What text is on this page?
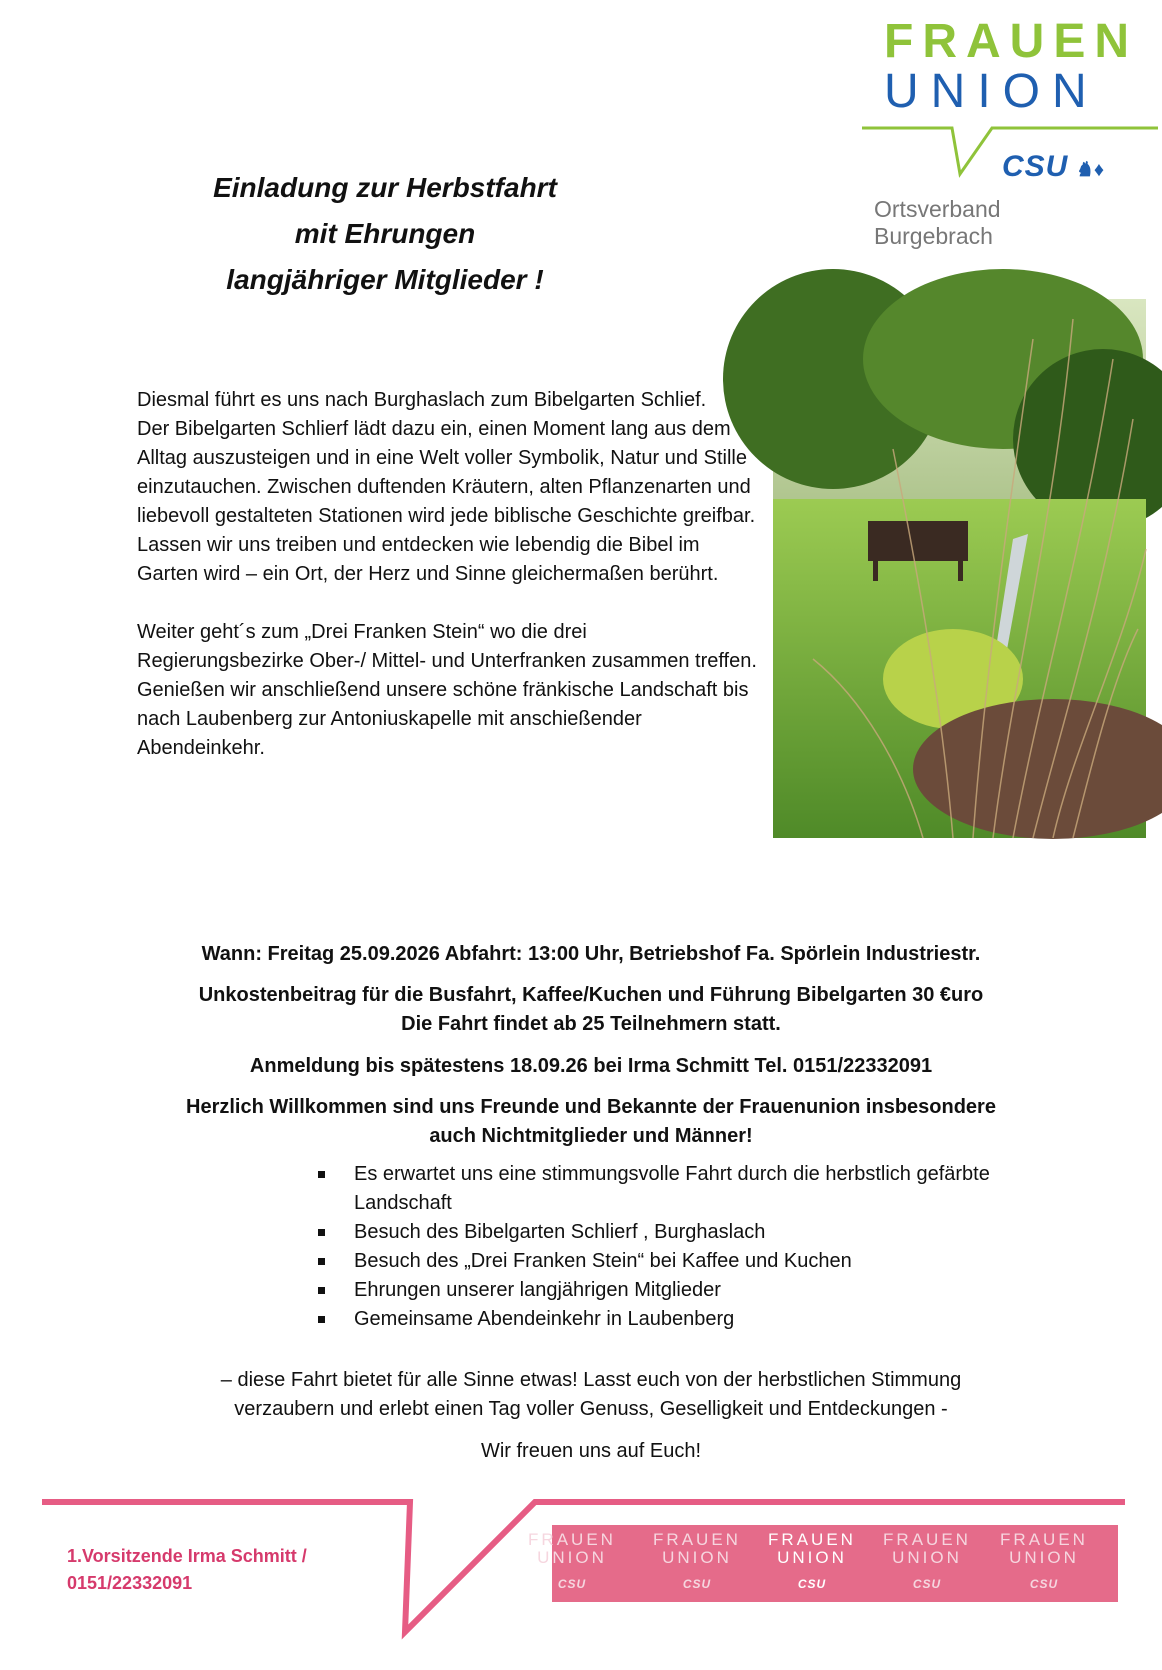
FRAUEN
UNION
CSU ♞♦
Ortsverband
Burgebrach
Einladung zur Herbstfahrt
mit Ehrungen
langjähriger Mitglieder !

Diesmal führt es uns nach Burghaslach zum Bibelgarten Schlief.

Der Bibelgarten Schlierf lädt dazu ein, einen Moment lang aus dem Alltag auszusteigen und in eine Welt voller Symbolik, Natur und Stille einzutauchen. Zwischen duftenden Kräutern, alten Pflanzenarten und liebevoll gestalteten Stationen wird jede biblische Geschichte greifbar. Lassen wir uns treiben und entdecken wie lebendig die Bibel im Garten wird – ein Ort, der Herz und Sinne gleichermaßen berührt.

Weiter geht´s zum „Drei Franken Stein“ wo die drei Regierungsbezirke Ober-/ Mittel- und Unterfranken zusammen treffen.

Genießen wir anschließend unsere schöne fränkische Landschaft bis nach Laubenberg zur Antoniuskapelle mit anschießender Abendeinkehr.

Wann: Freitag 25.09.2026 Abfahrt: 13:00 Uhr, Betriebshof Fa. Spörlein Industriestr.
Unkostenbeitrag für die Busfahrt, Kaffee/Kuchen und Führung Bibelgarten 30 €uro
Die Fahrt findet ab 25 Teilnehmern statt.
Anmeldung bis spätestens 18.09.26 bei Irma Schmitt Tel. 0151/22332091
Herzlich Willkommen sind uns Freunde und Bekannte der Frauenunion insbesondere
auch Nichtmitglieder und Männer!
Es erwartet uns eine stimmungsvolle Fahrt durch die herbstlich gefärbte Landschaft
Besuch des Bibelgarten Schlierf , Burghaslach
Besuch des „Drei Franken Stein“ bei Kaffee und Kuchen
Ehrungen unserer langjährigen Mitglieder
Gemeinsame Abendeinkehr in Laubenberg
– diese Fahrt bietet für alle Sinne etwas! Lasst euch von der herbstlichen Stimmung
verzaubern und erlebt einen Tag voller Genuss, Geselligkeit und Entdeckungen -
Wir freuen uns auf Euch!
1.Vorsitzende Irma Schmitt /
0151/22332091
FRAUEN
UNION
CSU
FRAUEN
UNION
CSU
FRAUEN
UNION
CSU
FRAUEN
UNION
CSU
FRAUEN
UNION
CSU
